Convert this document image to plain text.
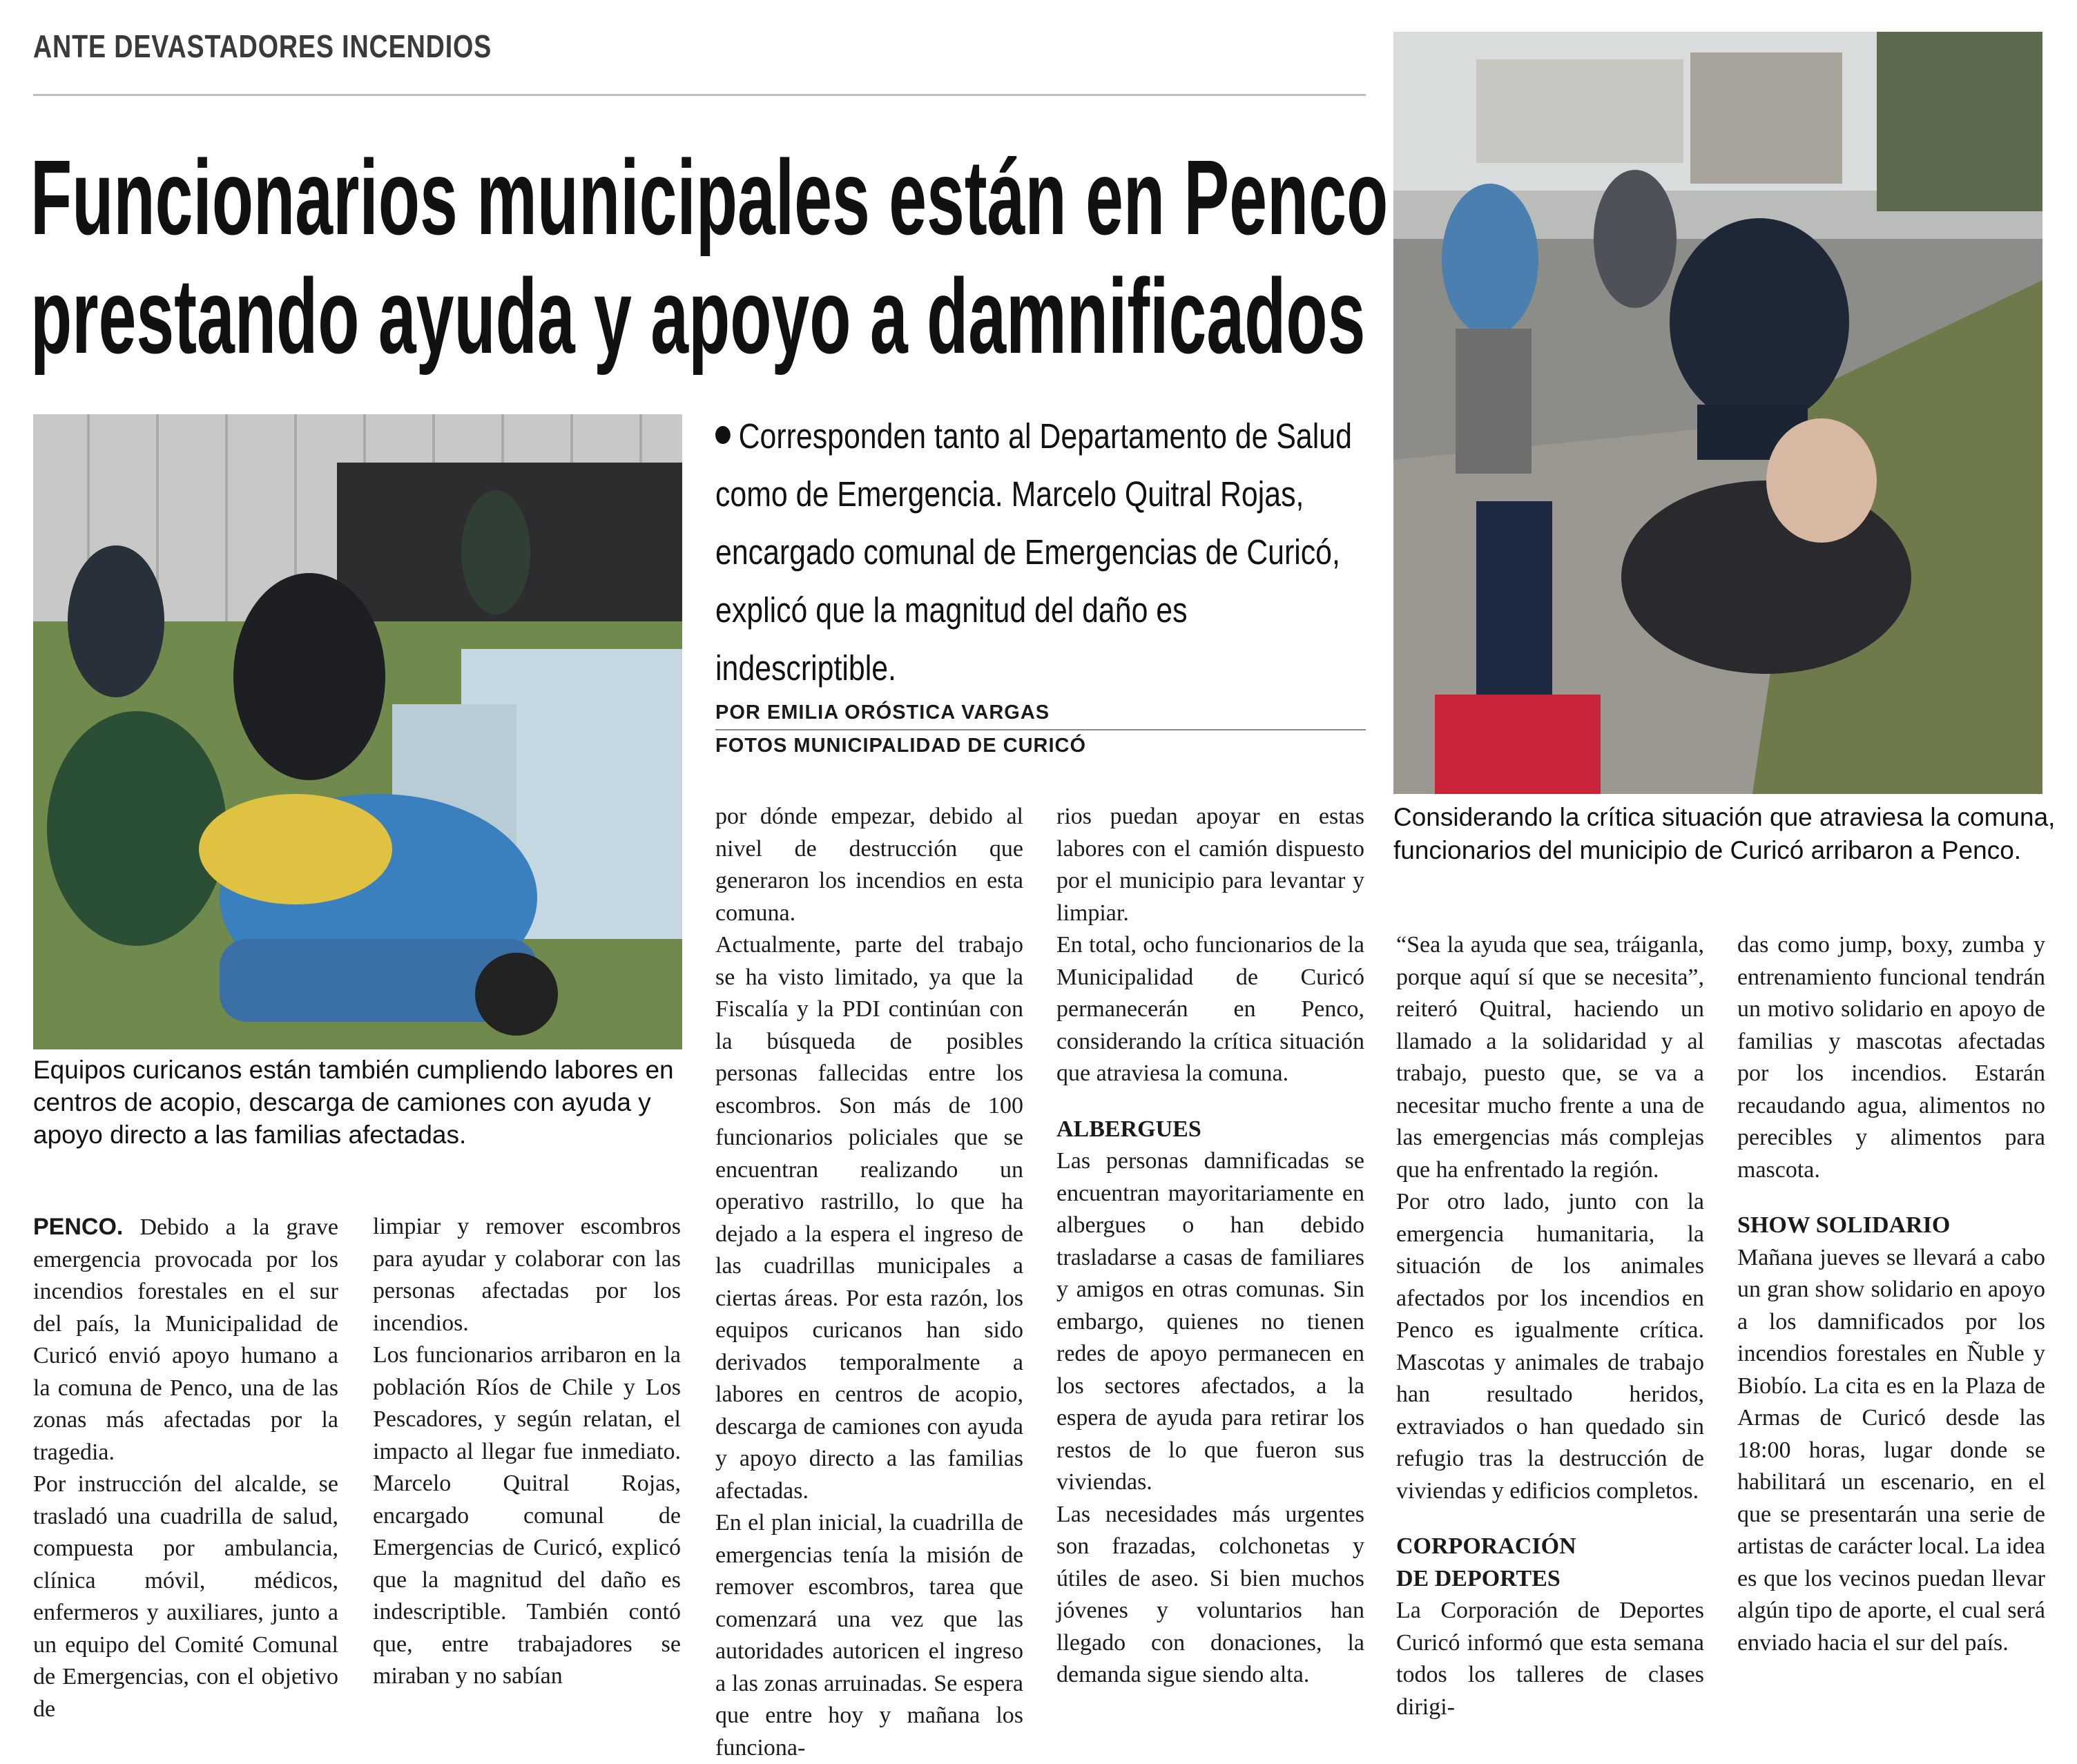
ANTE DEVASTADORES INCENDIOS
Funcionarios municipales están en Penco
prestando ayuda y apoyo a damnificados
Considerando la crítica situación que atraviesa la comuna, funcionarios del municipio de Curicó arribaron a Penco.
Equipos curicanos están también cumpliendo labores en centros de acopio, descarga de camiones con ayuda y apoyo directo a las familias afectadas.
Corresponden tanto al Departamento de Salud como de Emergencia. Marcelo Quitral Rojas, encargado comunal de Emergencias de Curicó, explicó que la magnitud del daño es indescriptible.
POR EMILIA ORÓSTICA VARGAS
FOTOS MUNICIPALIDAD DE CURICÓ

PENCO. Debido a la grave emergencia provocada por los incendios forestales en el sur del país, la Municipalidad de Curicó envió apoyo humano a la comuna de Penco, una de las zonas más afectadas por la tragedia.

Por instrucción del alcalde, se trasladó una cuadrilla de salud, compuesta por ambulancia, clínica móvil, médicos, enfermeros y auxiliares, junto a un equipo del Comité Comunal de Emergencias, con el objetivo de

limpiar y remover escombros para ayudar y colaborar con las personas afectadas por los incendios.

Los funcionarios arribaron en la población Ríos de Chile y Los Pescadores, y según relatan, el impacto al llegar fue inmediato. Marcelo Quitral Rojas, encargado comunal de Emergencias de Curicó, explicó que la magnitud del daño es indescriptible. También contó que, entre trabajadores se miraban y no sabían

por dónde empezar, debido al nivel de destrucción que generaron los incendios en esta comuna.

Actualmente, parte del trabajo se ha visto limitado, ya que la Fiscalía y la PDI continúan con la búsqueda de posibles personas fallecidas entre los escombros. Son más de 100 funcionarios policiales que se encuentran realizando un operativo rastrillo, lo que ha dejado a la espera el ingreso de las cuadrillas municipales a ciertas áreas. Por esta razón, los equipos curicanos han sido derivados temporalmente a labores en centros de acopio, descarga de camiones con ayuda y apoyo directo a las familias afectadas.

En el plan inicial, la cuadrilla de emergencias tenía la misión de remover escombros, tarea que comenzará una vez que las autoridades autoricen el ingreso a las zonas arruinadas. Se espera que entre hoy y mañana los funciona-

rios puedan apoyar en estas labores con el camión dispuesto por el municipio para levantar y limpiar.

En total, ocho funcionarios de la Municipalidad de Curicó permanecerán en Penco, considerando la crítica situación que atraviesa la comuna.

ALBERGUES

Las personas damnificadas se encuentran mayoritariamente en albergues o han debido trasladarse a casas de familiares y amigos en otras comunas. Sin embargo, quienes no tienen redes de apoyo permanecen en los sectores afectados, a la espera de ayuda para retirar los restos de lo que fueron sus viviendas.

Las necesidades más urgentes son frazadas, colchonetas y útiles de aseo. Si bien muchos jóvenes y voluntarios han llegado con donaciones, la demanda sigue siendo alta.

“Sea la ayuda que sea, tráiganla, porque aquí sí que se necesita”, reiteró Quitral, haciendo un llamado a la solidaridad y al trabajo, puesto que, se va a necesitar mucho frente a una de las emergencias más complejas que ha enfrentado la región.

Por otro lado, junto con la emergencia humanitaria, la situación de los animales afectados por los incendios en Penco es igualmente crítica. Mascotas y animales de trabajo han resultado heridos, extraviados o han quedado sin refugio tras la destrucción de viviendas y edificios completos.

CORPORACIÓN DE DEPORTES

La Corporación de Deportes Curicó informó que esta semana todos los talleres de clases dirigi-

das como jump, boxy, zumba y entrenamiento funcional tendrán un motivo solidario en apoyo de familias y mascotas afectadas por los incendios. Estarán recaudando agua, alimentos no perecibles y alimentos para mascota.

SHOW SOLIDARIO

Mañana jueves se llevará a cabo un gran show solidario en apoyo a los damnificados por los incendios forestales en Ñuble y Biobío. La cita es en la Plaza de Armas de Curicó desde las 18:00 horas, lugar donde se habilitará un escenario, en el que se presentarán una serie de artistas de carácter local. La idea es que los vecinos puedan llevar algún tipo de aporte, el cual será enviado hacia el sur del país.
